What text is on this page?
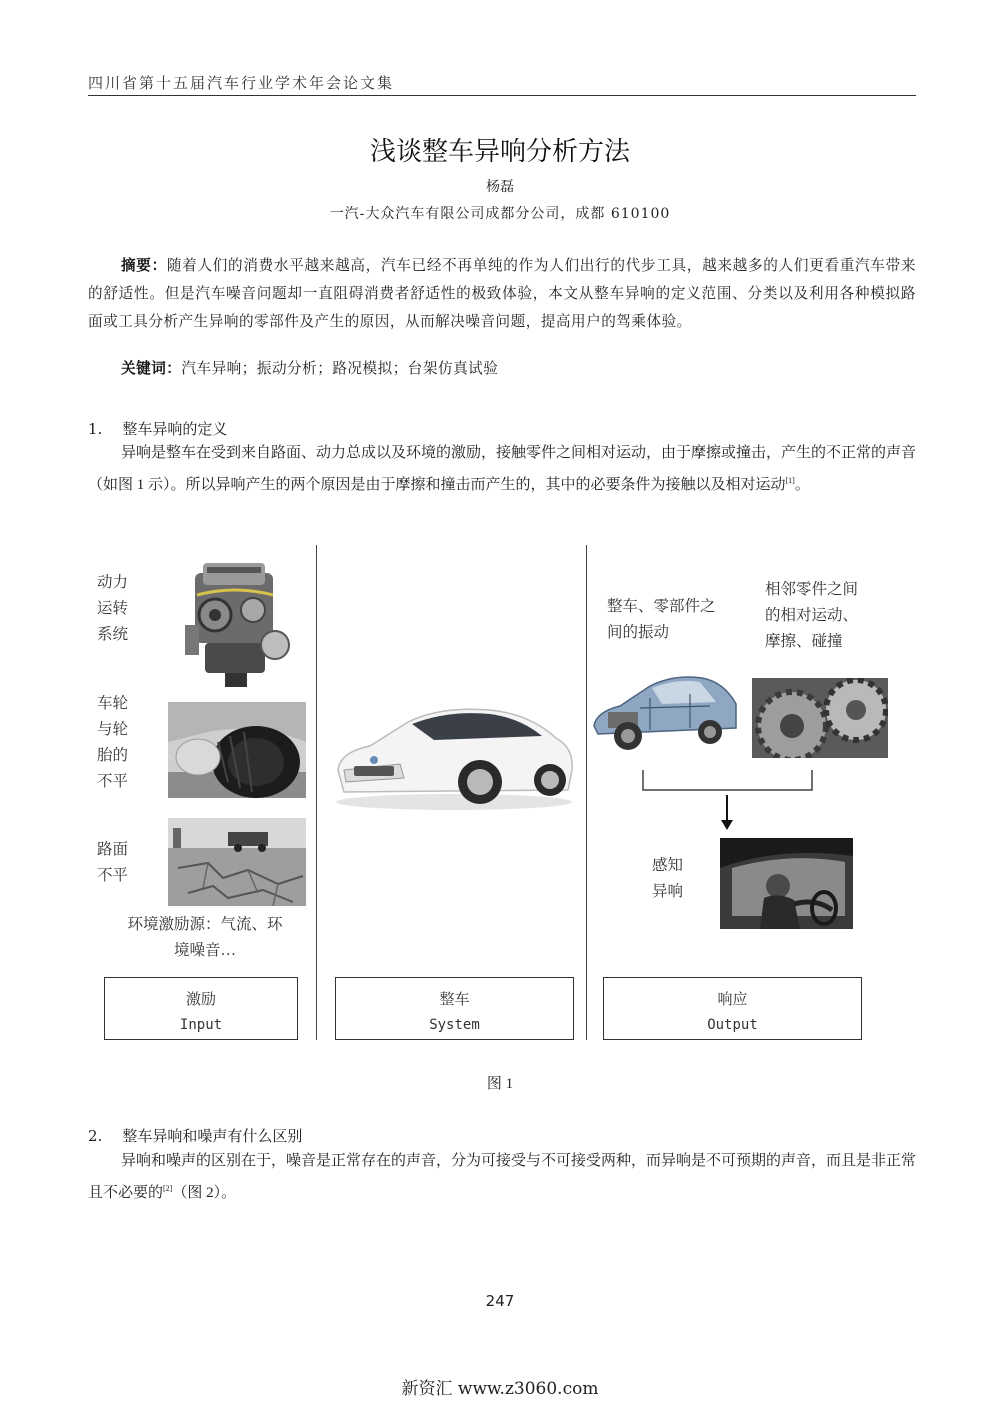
四川省第十五届汽车行业学术年会论文集
浅谈整车异响分析方法
杨磊
一汽-大众汽车有限公司成都分公司，成都 610100
摘要：随着人们的消费水平越来越高，汽车已经不再单纯的作为人们出行的代步工具，越来越多的人们更看重汽车带来的舒适性。但是汽车噪音问题却一直阻碍消费者舒适性的极致体验，本文从整车异响的定义范围、分类以及利用各种模拟路面或工具分析产生异响的零部件及产生的原因，从而解决噪音问题，提高用户的驾乘体验。
关键词：汽车异响；振动分析；路况模拟；台架仿真试验
1. 整车异响的定义
异响是整车在受到来自路面、动力总成以及环境的激励，接触零件之间相对运动，由于摩擦或撞击，产生的不正常的声音（如图 1 示）。所以异响产生的两个原因是由于摩擦和撞击而产生的，其中的必要条件为接触以及相对运动[1]。
动力
运转
系统
车轮
与轮
胎的
不平
路面
不平
环境激励源：气流、环
境噪音…
整车、零部件之
间的振动
相邻零件之间
的相对运动、
摩擦、碰撞
感知
异响
激励
Input
整车
System
响应
Output
图 1
2. 整车异响和噪声有什么区别
异响和噪声的区别在于，噪音是正常存在的声音，分为可接受与不可接受两种，而异响是不可预期的声音，而且是非正常且不必要的[2]（图 2）。
247
新资汇 www.z3060.com
